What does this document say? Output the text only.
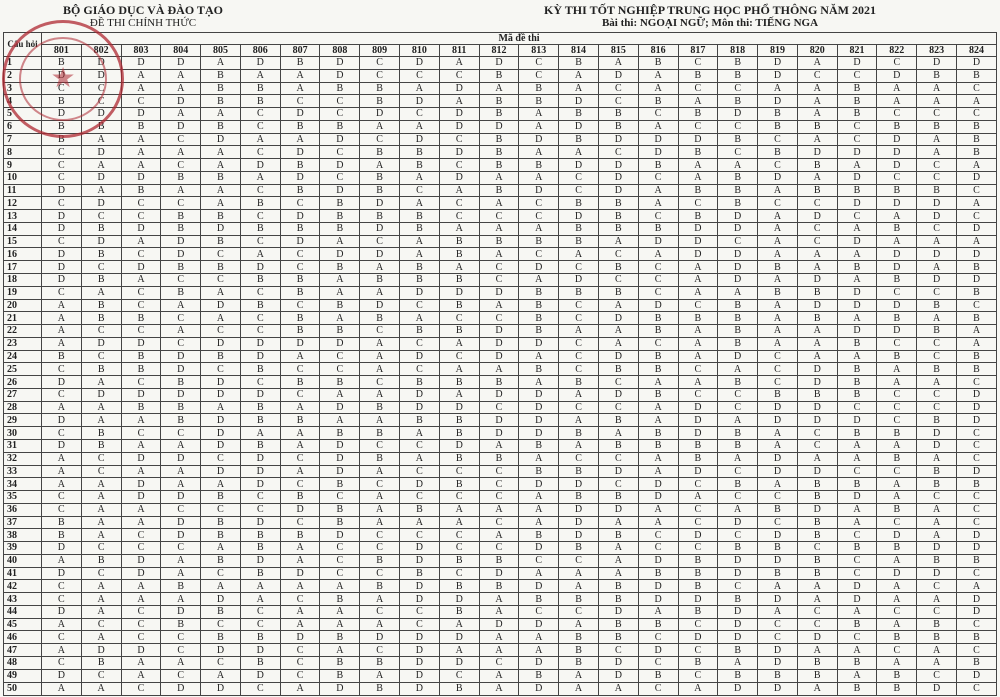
BỘ GIÁO DỤC VÀ ĐÀO TẠO
ĐỀ THI CHÍNH THỨC
KỲ THI TỐT NGHIỆP TRUNG HỌC PHỔ THÔNG NĂM 2021
Bài thi: NGOẠI NGỮ; Môn thi: TIẾNG NGA
Câu hỏi	Mã đề thi																							
	801	802	803	804	805	806	807	808	809	810	811	812	813	814	815	816	817	818	819	820	821	822	823	824
1	B	D	D	D	A	D	B	D	C	D	A	D	C	B	A	B	C	B	D	A	D	C	D	D
2	D	D	A	A	B	A	A	D	C	C	C	B	C	A	D	A	B	B	D	C	C	D	B	B
3	C	C	A	A	B	B	A	B	B	A	D	A	B	A	C	A	C	C	A	A	B	A	A	C
4	B	C	C	D	B	B	C	C	B	D	A	B	B	D	C	B	A	B	D	A	B	A	A	A
5	D	D	D	A	A	C	D	C	D	C	D	B	A	B	B	C	B	D	B	A	B	C	C	C
6	B	B	B	D	B	C	B	B	A	A	D	D	A	D	B	A	C	C	B	B	C	B	B	B
7	B	A	A	C	D	A	A	D	C	D	C	B	D	B	D	D	D	B	C	A	C	D	A	B
8	C	D	A	A	A	C	D	C	B	B	D	B	A	A	C	D	B	C	B	D	D	D	A	B
9	C	A	A	C	A	D	B	D	A	B	C	B	B	D	D	B	A	A	C	B	A	D	C	A
10	C	D	D	B	B	A	D	C	B	A	D	A	A	C	D	C	A	B	D	A	D	C	C	D
11	D	A	B	A	A	C	B	D	B	C	A	B	D	C	D	A	B	B	A	B	B	B	B	C
12	C	D	C	C	A	B	C	B	D	A	C	A	C	B	B	A	C	B	C	C	D	D	D	A
13	D	C	C	B	B	C	D	B	B	B	C	C	C	D	B	C	B	D	A	D	C	A	D	C
14	D	B	D	B	D	B	B	B	D	B	A	A	A	B	B	B	D	D	A	C	A	B	C	D
15	C	D	A	D	B	C	D	A	C	A	B	B	B	B	A	D	D	C	A	C	D	A	A	A
16	D	B	C	D	C	A	C	D	D	A	B	A	C	A	C	A	D	D	A	A	A	D	D	D
17	D	C	D	B	B	D	C	B	A	B	A	C	D	C	B	C	A	D	B	A	B	D	A	B
18	D	B	A	C	C	B	B	A	B	B	B	C	A	D	C	C	A	D	A	D	A	B	D	D
19	C	A	C	B	A	C	B	A	A	D	D	D	B	B	B	C	A	A	B	B	D	C	C	B
20	A	B	C	A	D	B	C	B	D	C	B	A	B	C	A	D	C	B	A	D	D	D	B	C
21	A	B	B	C	A	C	B	A	B	A	C	C	B	C	D	B	B	B	A	B	A	B	A	B
22	A	C	C	A	C	C	B	B	C	B	B	D	B	A	A	B	A	B	A	A	D	D	B	A
23	A	D	D	C	D	D	D	D	A	C	A	D	D	C	A	C	A	B	A	A	B	C	C	A
24	B	C	B	D	B	D	A	C	A	D	C	D	A	C	D	B	A	D	C	A	A	B	C	B
25	C	B	B	D	C	B	C	C	A	C	A	A	B	C	B	B	C	A	C	D	B	A	B	B
26	D	A	C	B	D	C	B	B	C	B	B	B	A	B	C	A	A	B	C	D	B	A	A	C
27	C	D	D	D	D	D	C	A	A	D	A	D	D	A	D	B	C	C	B	B	B	C	C	D
28	A	A	B	B	A	B	A	D	B	D	D	C	D	C	C	A	D	C	D	D	C	C	C	D
29	D	A	A	B	D	B	B	A	A	B	B	D	D	A	B	A	D	A	D	D	D	C	B	D
30	C	B	C	C	D	A	A	B	B	A	B	D	D	B	A	B	D	B	A	C	B	B	D	C
31	D	B	A	A	D	B	A	D	C	C	D	A	B	A	B	B	B	B	A	C	A	A	D	C
32	A	C	D	D	C	D	C	D	B	A	B	B	A	C	C	A	B	A	D	A	A	B	A	C
33	A	C	A	A	D	D	A	D	A	C	C	C	B	B	D	A	D	C	D	D	C	C	B	D
34	A	A	D	A	A	D	C	B	C	D	B	C	D	D	C	D	C	B	A	B	B	A	B	B
35	C	A	D	D	B	C	B	C	A	C	C	C	A	B	B	D	A	C	C	B	D	A	C	C
36	C	A	A	C	C	C	D	B	A	B	A	A	A	D	D	A	C	A	B	D	A	B	A	C
37	B	A	A	D	B	D	C	B	A	A	A	C	A	D	A	A	C	D	C	B	A	C	A	C
38	B	A	C	D	B	B	B	D	C	C	C	A	B	D	B	C	D	C	D	B	C	D	A	D
39	D	C	C	C	A	B	A	C	C	D	C	C	D	B	A	C	C	B	B	C	B	B	D	D
40	A	B	D	A	B	D	A	C	B	D	B	B	C	C	A	D	B	D	D	B	C	A	B	B
41	D	C	D	A	C	B	D	C	C	B	C	D	A	A	A	B	B	D	B	B	C	D	D	C
42	C	A	A	B	A	A	A	A	B	D	B	B	D	A	B	D	B	C	A	A	D	A	C	A
43	C	A	A	A	D	A	C	B	A	D	D	A	B	B	B	D	D	B	D	A	D	A	A	D
44	D	A	C	D	B	C	A	A	C	C	B	A	C	C	D	A	B	D	A	C	A	C	C	D
45	A	C	C	B	C	C	A	A	A	C	A	D	D	A	B	B	C	D	C	C	B	A	B	C
46	C	A	C	C	B	B	D	B	D	D	D	A	A	B	B	C	D	D	C	D	C	B	B	B
47	A	D	D	C	D	D	C	A	C	D	A	A	A	B	C	D	C	B	D	A	A	C	A	C
48	C	B	A	A	C	B	C	B	B	D	D	C	D	B	D	C	B	A	D	B	B	A	A	B
49	D	C	A	C	A	D	C	B	A	D	C	A	B	A	D	B	C	B	B	B	A	B	C	D
50	A	A	C	D	D	C	A	D	B	D	B	A	D	A	A	C	A	D	D	A	B	B	D	C
★
